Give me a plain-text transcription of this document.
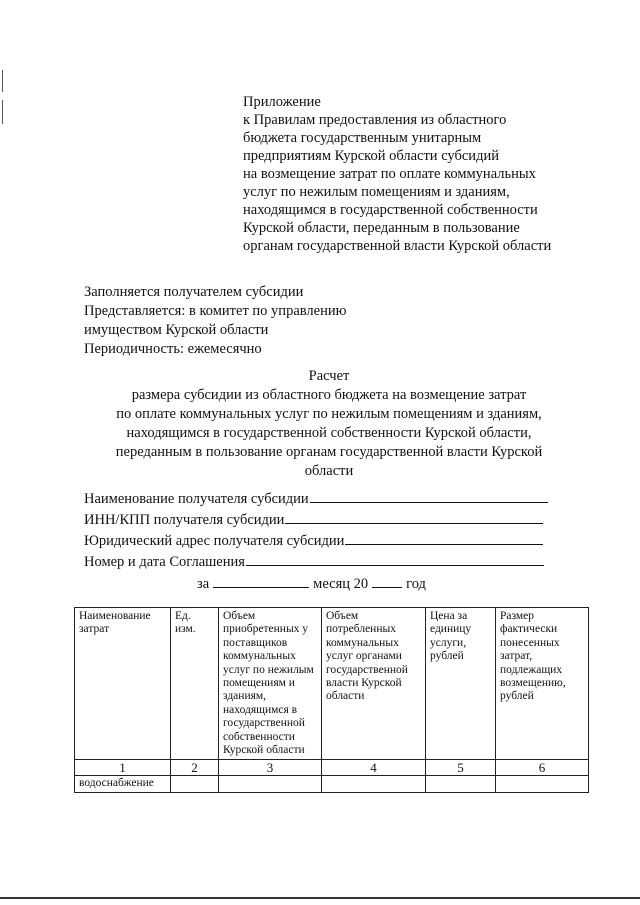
Приложение
к Правилам предоставления из областного
бюджета государственным унитарным
предприятиям Курской области субсидий
на возмещение затрат по оплате коммунальных
услуг по нежилым помещениям и зданиям,
находящимся в государственной собственности
Курской области, переданным в пользование
органам государственной власти Курской области
Заполняется получателем субсидии
Представляется: в комитет по управлению
имуществом Курской области
Периодичность: ежемесячно
Расчет
размера субсидии из областного бюджета на возмещение затрат
по оплате коммунальных услуг по нежилым помещениям и зданиям,
находящимся в государственной собственности Курской области,
переданным в пользование органам государственной власти Курской
области
Наименование получателя субсидии
ИНН/КПП получателя субсидии
Юридический адрес получателя субсидии
Номер и дата Соглашения
за	месяц 20	год
Наименование затрат	Ед. изм.	Объем приобретенных у поставщиков коммунальных услуг по нежилым помещениям и зданиям, находящимся в государственной собственности Курской области	Объем потребленных коммунальных услуг органами государственной власти Курской области	Цена за единицу услуги, рублей	Размер фактически понесенных затрат, подлежащих возмещению, рублей
1	2	3	4	5	6
водоснабжение					
